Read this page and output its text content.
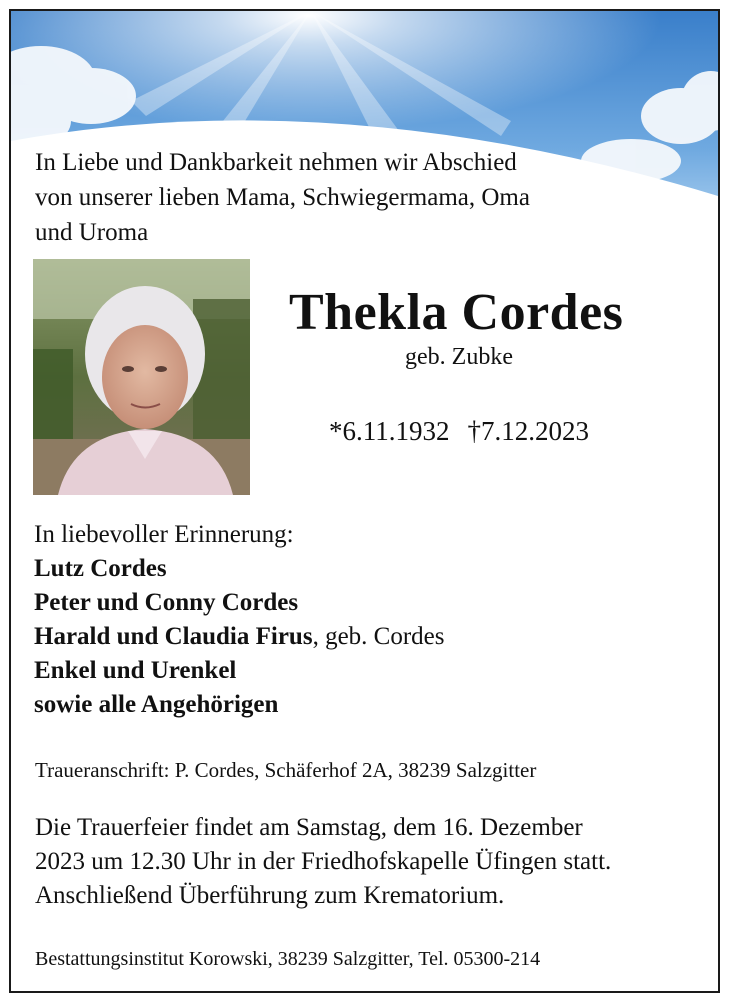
In Liebe und Dankbarkeit nehmen wir Abschied
von unserer lieben Mama, Schwiegermama, Oma
und Uroma
Thekla Cordes
geb. Zubke
*6.11.1932 †7.12.2023
In liebevoller Erinnerung:
Lutz Cordes
Peter und Conny Cordes
Harald und Claudia Firus, geb. Cordes
Enkel und Urenkel
sowie alle Angehörigen
Traueranschrift: P. Cordes, Schäferhof 2A, 38239 Salzgitter
Die Trauerfeier findet am Samstag, dem 16. Dezember
2023 um 12.30 Uhr in der Friedhofskapelle Üfingen statt.
Anschließend Überführung zum Krematorium.
Bestattungsinstitut Korowski, 38239 Salzgitter, Tel. 05300-214
